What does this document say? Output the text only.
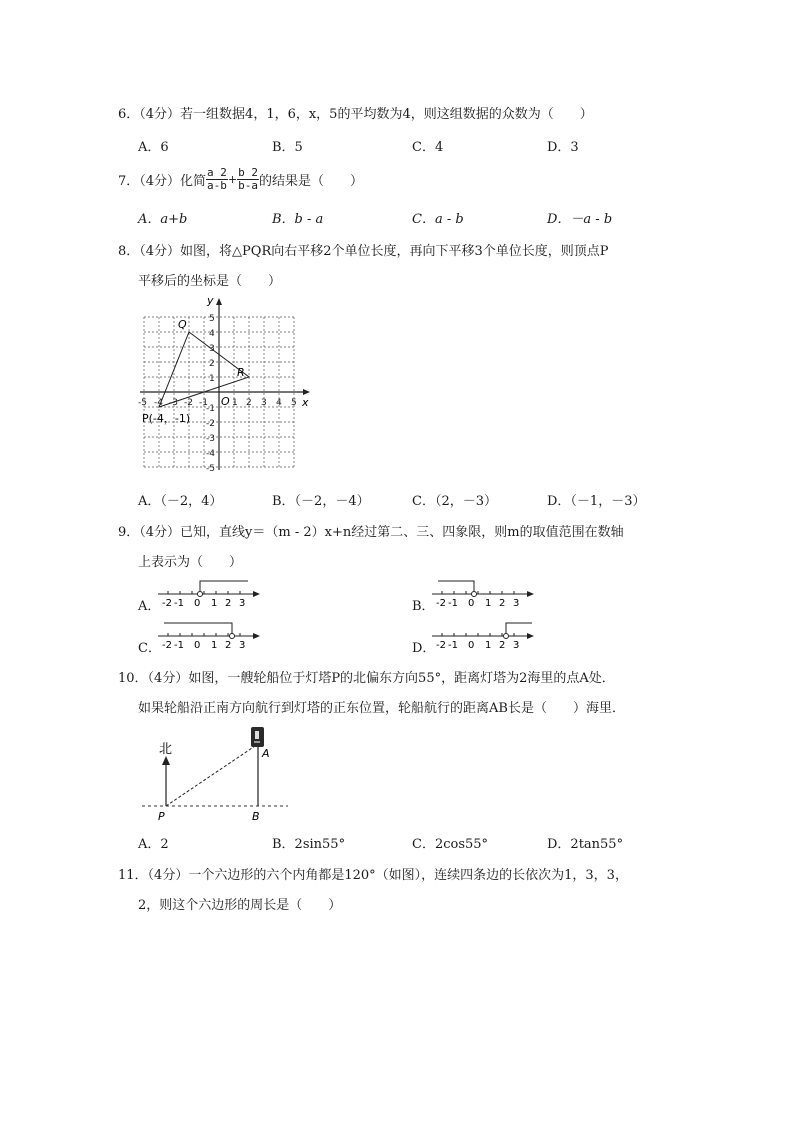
6．（4分）若一组数据4，1，6，x，5的平均数为4，则这组数据的众数为（　　）
A．6	B．5	C．4	D．3
7．（4分）化简 $\frac{a 2}{a-b} + \frac{b 2}{b-a}$ 的结果是（　　）
A．a+b	B．b - a	C．a - b	D．－a - b
8．（4分）如图，将△PQR向右平移2个单位长度，再向下平移3个单位长度，则顶点P
平移后的坐标是（　　）
y
x
Q
R
O
P(-4，-1)
5
4
3
2
1
-1
-2
-3
-4
-5
-5 -4 -3 -2 -1	1 2 3 4 5
A．（－2，4）	B．（－2，－4）	C．（2，－3）	D．（－1，－3）
9．（4分）已知，直线y＝（m - 2）x+n经过第二、三、四象限，则m的取值范围在数轴
上表示为（　　）
A． -2 -1 0 1 2 3	B． -2 -1 0 1 2 3
C． -2 -1 0 1 2 3	D． -2 -1 0 1 2 3
10．（4分）如图，一艘轮船位于灯塔P的北偏东方向55°，距离灯塔为2海里的点A处．
如果轮船沿正南方向航行到灯塔的正东位置，轮船航行的距离AB长是（　　）海里．
北	A
P	B
A．2	B．2sin55°	C．2cos55°	D．2tan55°
11．（4分）一个六边形的六个内角都是120°（如图），连续四条边的长依次为1，3，3，
2，则这个六边形的周长是（　　）
